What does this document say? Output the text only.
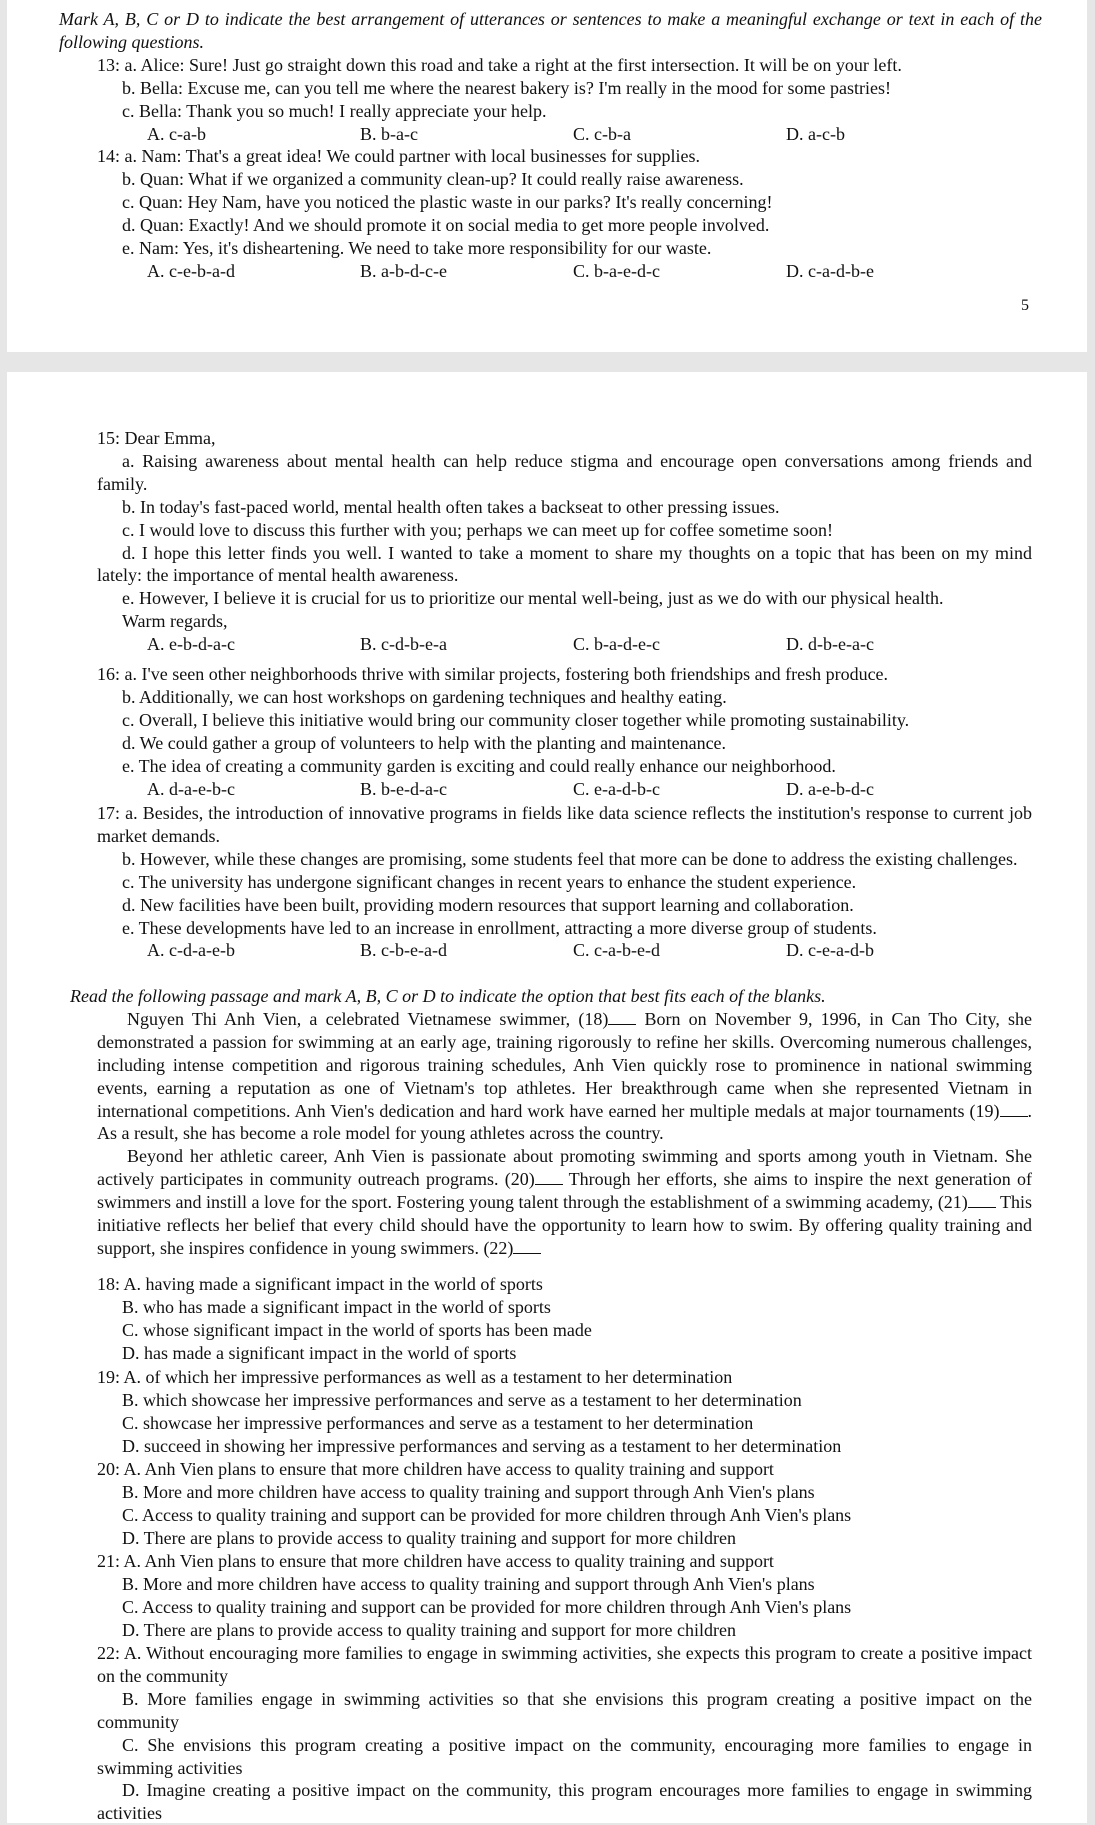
Mark A, B, C or D to indicate the best arrangement of utterances or sentences to make a meaningful exchange or text in each of the following questions.

13: a. Alice: Sure! Just go straight down this road and take a right at the first intersection. It will be on your left.

b. Bella: Excuse me, can you tell me where the nearest bakery is? I'm really in the mood for some pastries!

c. Bella: Thank you so much! I really appreciate your help.

A. c-a-b	B. b-a-c	C. c-b-a	D. a-c-b

14: a. Nam: That's a great idea! We could partner with local businesses for supplies.

b. Quan: What if we organized a community clean-up? It could really raise awareness.

c. Quan: Hey Nam, have you noticed the plastic waste in our parks? It's really concerning!

d. Quan: Exactly! And we should promote it on social media to get more people involved.

e. Nam: Yes, it's disheartening. We need to take more responsibility for our waste.

A. c-e-b-a-d	B. a-b-d-c-e	C. b-a-e-d-c	D. c-a-d-b-e
5

15: Dear Emma,

a. Raising awareness about mental health can help reduce stigma and encourage open conversations among friends and family.

b. In today's fast-paced world, mental health often takes a backseat to other pressing issues.

c. I would love to discuss this further with you; perhaps we can meet up for coffee sometime soon!

d. I hope this letter finds you well. I wanted to take a moment to share my thoughts on a topic that has been on my mind lately: the importance of mental health awareness.

e. However, I believe it is crucial for us to prioritize our mental well-being, just as we do with our physical health.

Warm regards,

A. e-b-d-a-c	B. c-d-b-e-a	C. b-a-d-e-c	D. d-b-e-a-c

16: a. I've seen other neighborhoods thrive with similar projects, fostering both friendships and fresh produce.

b. Additionally, we can host workshops on gardening techniques and healthy eating.

c. Overall, I believe this initiative would bring our community closer together while promoting sustainability.

d. We could gather a group of volunteers to help with the planting and maintenance.

e. The idea of creating a community garden is exciting and could really enhance our neighborhood.

A. d-a-e-b-c	B. b-e-d-a-c	C. e-a-d-b-c	D. a-e-b-d-c

17: a. Besides, the introduction of innovative programs in fields like data science reflects the institution's response to current job market demands.

b. However, while these changes are promising, some students feel that more can be done to address the existing challenges.

c. The university has undergone significant changes in recent years to enhance the student experience.

d. New facilities have been built, providing modern resources that support learning and collaboration.

e. These developments have led to an increase in enrollment, attracting a more diverse group of students.

A. c-d-a-e-b	B. c-b-e-a-d	C. c-a-b-e-d	D. c-e-a-d-b

Read the following passage and mark A, B, C or D to indicate the option that best fits each of the blanks.

Nguyen Thi Anh Vien, a celebrated Vietnamese swimmer, (18) Born on November 9, 1996, in Can Tho City, she demonstrated a passion for swimming at an early age, training rigorously to refine her skills. Overcoming numerous challenges, including intense competition and rigorous training schedules, Anh Vien quickly rose to prominence in national swimming events, earning a reputation as one of Vietnam's top athletes. Her breakthrough came when she represented Vietnam in international competitions. Anh Vien's dedication and hard work have earned her multiple medals at major tournaments (19) . As a result, she has become a role model for young athletes across the country.

Beyond her athletic career, Anh Vien is passionate about promoting swimming and sports among youth in Vietnam. She actively participates in community outreach programs. (20) Through her efforts, she aims to inspire the next generation of swimmers and instill a love for the sport. Fostering young talent through the establishment of a swimming academy, (21) This initiative reflects her belief that every child should have the opportunity to learn how to swim. By offering quality training and support, she inspires confidence in young swimmers. (22)

18: A. having made a significant impact in the world of sports

B. who has made a significant impact in the world of sports

C. whose significant impact in the world of sports has been made

D. has made a significant impact in the world of sports

19: A. of which her impressive performances as well as a testament to her determination

B. which showcase her impressive performances and serve as a testament to her determination

C. showcase her impressive performances and serve as a testament to her determination

D. succeed in showing her impressive performances and serving as a testament to her determination

20: A. Anh Vien plans to ensure that more children have access to quality training and support

B. More and more children have access to quality training and support through Anh Vien's plans

C. Access to quality training and support can be provided for more children through Anh Vien's plans

D. There are plans to provide access to quality training and support for more children

21: A. Anh Vien plans to ensure that more children have access to quality training and support

B. More and more children have access to quality training and support through Anh Vien's plans

C. Access to quality training and support can be provided for more children through Anh Vien's plans

D. There are plans to provide access to quality training and support for more children

22: A. Without encouraging more families to engage in swimming activities, she expects this program to create a positive impact on the community

B. More families engage in swimming activities so that she envisions this program creating a positive impact on the community

C. She envisions this program creating a positive impact on the community, encouraging more families to engage in swimming activities

D. Imagine creating a positive impact on the community, this program encourages more families to engage in swimming activities
